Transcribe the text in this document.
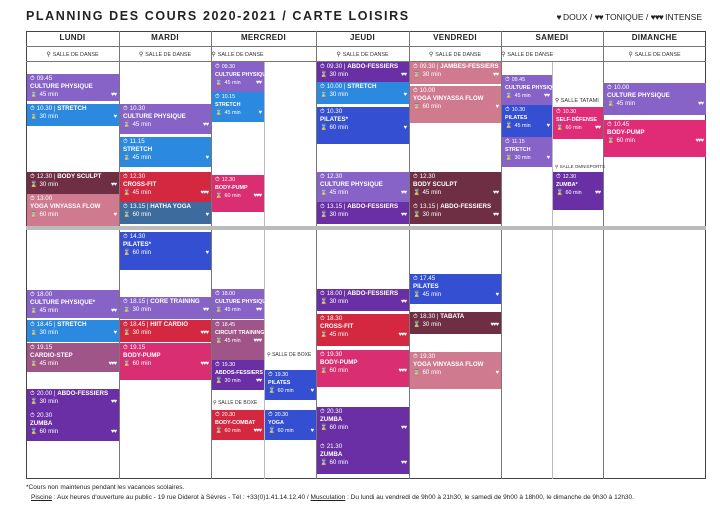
PLANNING DES COURS 2020-2021 / CARTE LOISIRS	♥ DOUX / ♥♥ TONIQUE / ♥♥♥ INTENSE
LUNDI	MARDI	MERCREDI	JEUDI	VENDREDI	SAMEDI	DIMANCHE
⚲ SALLE DE DANSE	⚲ SALLE DE DANSE	⚲ SALLE DE DANSE	⚲ SALLE DE DANSE	⚲ SALLE DE DANSE	⚲ SALLE DE DANSE	⚲ SALLE DE DANSE
⚲ SALLE DE BOXE
⚲ SALLE DE BOXE
⚲ SALLE TATAMI
⚲ SALLE OMNISPORTS
⏱ 09.45
CULTURE PHYSIQUE
⌛ 45 min	♥♥
⏱ 10.30 | STRETCH
⌛ 30 min	♥
⏱ 12.30 | BODY SCULPT
⌛ 30 min	♥♥
⏱ 13.00
YOGA VINYASSA FLOW
⌛ 60 min	♥
⏱ 18.00
CULTURE PHYSIQUE*
⌛ 45 min	♥♥
⏱ 18.45 | STRETCH
⌛ 30 min	♥
⏱ 19.15
CARDIO-STEP
⌛ 45 min	♥♥♥
⏱ 20.00 | ABDO-FESSIERS
⌛ 30 min	♥♥
⏱ 20.30
ZUMBA
⌛ 60 min	♥♥
⏱ 10.30
CULTURE PHYSIQUE
⌛ 45 min	♥♥
⏱ 11.15
STRETCH
⌛ 45 min	♥
⏱ 12.30
CROSS-FIT
⌛ 45 min	♥♥♥
⏱ 13.15 | HATHA YOGA
⌛ 60 min	♥
⏱ 14.30
PILATES*
⌛ 60 min	♥
⏱ 18.15 | CORE TRAINING
⌛ 30 min	♥♥
⏱ 18.45 | HIIT CARDIO
⌛ 30 min	♥♥♥
⏱ 19.15
BODY-PUMP
⌛ 60 min	♥♥♥
⏱ 09.30
CULTURE PHYSIQUE
⌛ 45 min	♥♥
⏱ 10.15
STRETCH
⌛ 45 min	♥
⏱ 12.30
BODY-PUMP
⌛ 60 min ♥♥♥
⏱ 18.00
CULTURE PHYSIQUE
⌛ 45 min	♥♥
⏱ 18.45
CIRCUIT TRAINING
⌛ 45 min ♥♥♥
⏱ 19.30
ABDOS-FESSIERS
⌛ 30 min	♥♥
⏱ 19.30
PILATES
⌛ 60 min	♥
⏱ 20.30
BODY-COMBAT
⌛ 60 min ♥♥♥
⏱ 20.30
YOGA
⌛ 60 min	♥
⏱ 09.30 | ABDO-FESSIERS
⌛ 30 min	♥♥
⏱ 10.00 | STRETCH
⌛ 30 min	♥
⏱ 10.30
PILATES*
⌛ 60 min	♥
⏱ 12.30
CULTURE PHYSIQUE
⌛ 45 min	♥♥
⏱ 13.15 | ABDO-FESSIERS
⌛ 30 min	♥♥
⏱ 18.00 | ABDO-FESSIERS
⌛ 30 min	♥♥
⏱ 18.30
CROSS-FIT
⌛ 45 min	♥♥♥
⏱ 19.30
BODY-PUMP
⌛ 60 min	♥♥♥
⏱ 20.30
ZUMBA
⌛ 60 min	♥♥
⏱ 21.30
ZUMBA
⌛ 60 min	♥♥
⏱ 09.30 | JAMBES-FESSIERS
⌛ 30 min	♥♥
⏱ 10.00
YOGA VINYASSA FLOW
⌛ 60 min	♥
⏱ 12.30
BODY SCULPT
⌛ 45 min	♥♥
⏱ 13.15 | ABDO-FESSIERS
⌛ 30 min	♥♥
⏱ 17.45
PILATES
⌛ 45 min	♥
⏱ 18.30 | TABATA
⌛ 30 min	♥♥♥
⏱ 19.30
YOGA VINYASSA FLOW
⌛ 60 min	♥
⏱ 09.45
CULTURE PHYSIQUE
⌛ 45 min ♥♥
⏱ 10.30
PILATES
⌛ 45 min	♥
⏱ 11.15
STRETCH
⌛ 30 min	♥
⏱ 10.30
SELF-DÉFENSE
⌛ 60 min ♥♥
⏱ 12.30
ZUMBA*
⌛ 60 min ♥♥
⏱ 10.00
CULTURE PHYSIQUE
⌛ 45 min	♥♥
⏱ 10.45
BODY-PUMP
⌛ 60 min	♥♥♥
*Cours non maintenus pendant les vacances scolaires.
Piscine : Aux heures d'ouverture au public - 19 rue Diderot à Sèvres - Tél : +33(0)1.41.14.12.40 / Musculation : Du lundi au vendredi de 9h00 à 21h30, le samedi de 9h00 à 18h00, le dimanche de 9h30 à 12h30.
